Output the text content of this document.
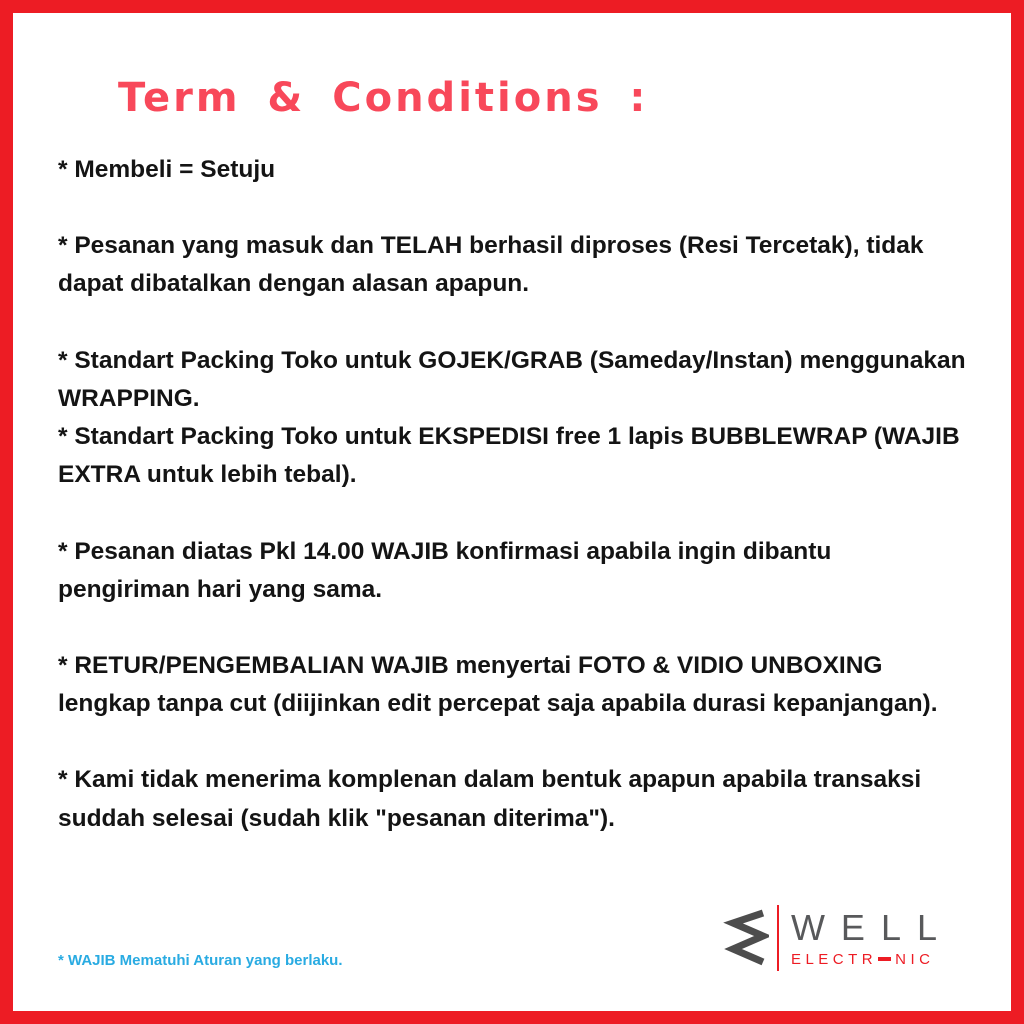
Term & Conditions :

* Membeli = Setuju

* Pesanan yang masuk dan TELAH berhasil diproses (Resi Tercetak), tidak dapat dibatalkan dengan alasan apapun.

* Standart Packing Toko untuk GOJEK/GRAB (Sameday/Instan) menggunakan WRAPPING.

* Standart Packing Toko untuk EKSPEDISI free 1 lapis BUBBLEWRAP (WAJIB EXTRA untuk lebih tebal).

* Pesanan diatas Pkl 14.00 WAJIB konfirmasi apabila ingin dibantu pengiriman hari yang sama.

* RETUR/PENGEMBALIAN WAJIB menyertai FOTO & VIDIO UNBOXING lengkap tanpa cut (diijinkan edit percepat saja apabila durasi kepanjangan).

* Kami tidak menerima komplenan dalam bentuk apapun apabila transaksi suddah selesai (sudah klik "pesanan diterima").

* WAJIB Mematuhi Aturan yang berlaku.
WELL
ELECTR NIC
